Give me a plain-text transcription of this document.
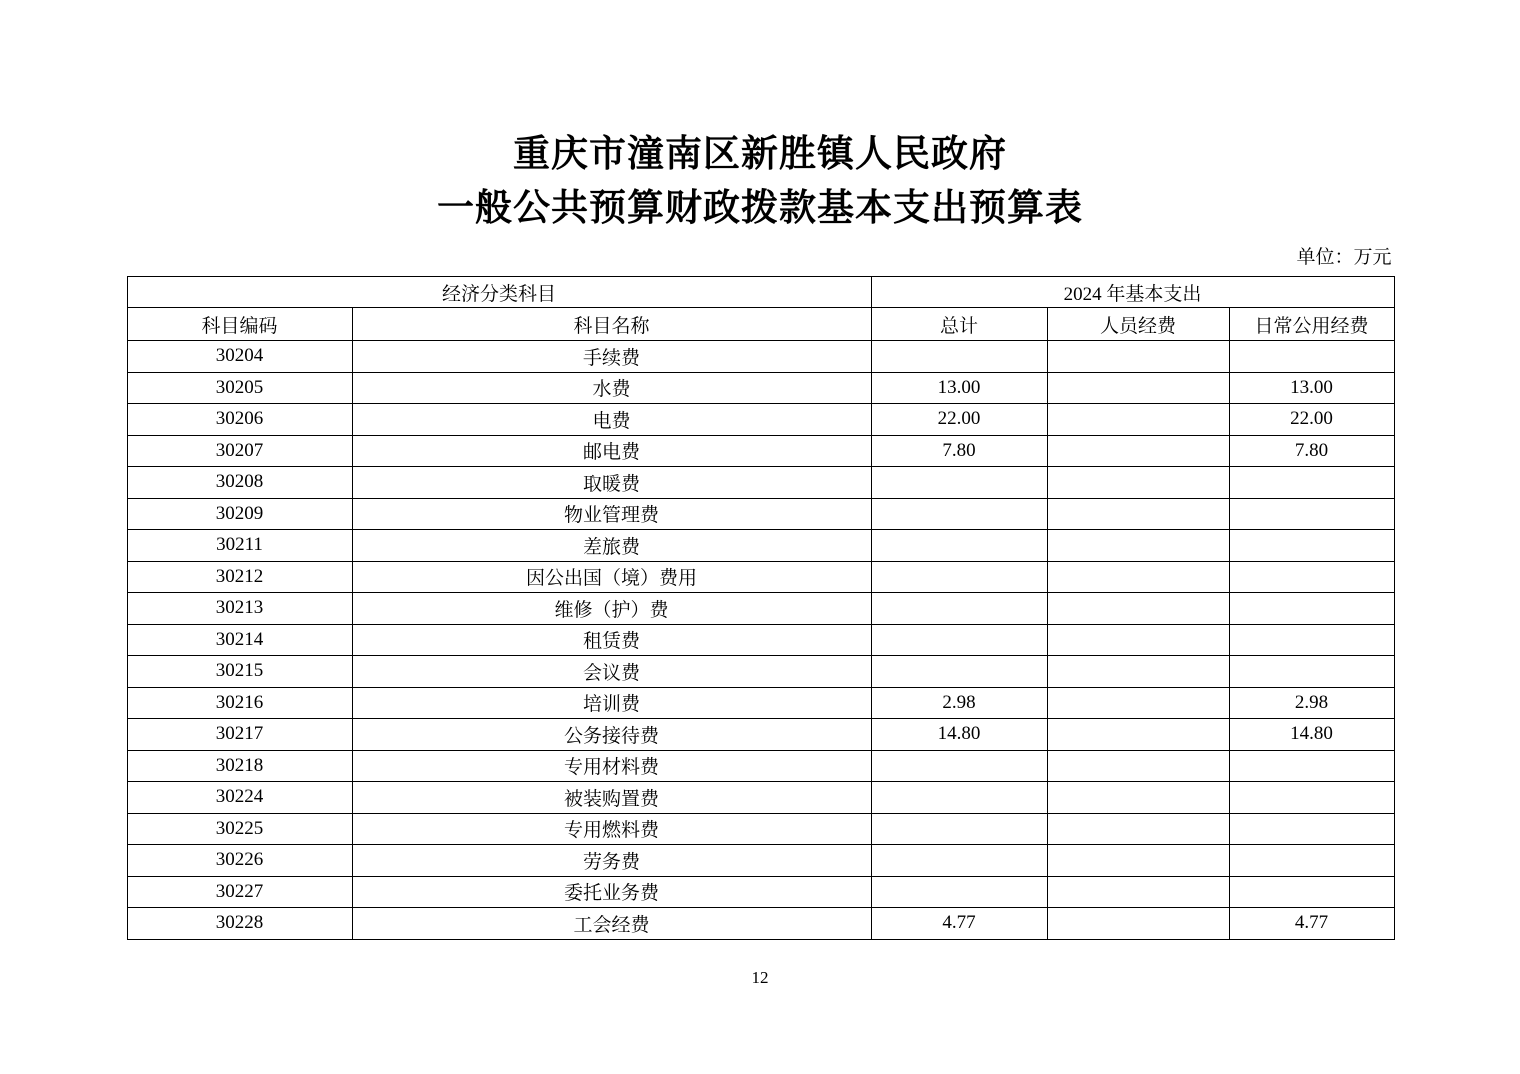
重庆市潼南区新胜镇人民政府
一般公共预算财政拨款基本支出预算表
单位：万元
经济分类科目		2024 年基本支出		
科目编码	科目名称	总计	人员经费	日常公用经费
30204	手续费			
30205	水费	13.00		13.00
30206	电费	22.00		22.00
30207	邮电费	7.80		7.80
30208	取暖费			
30209	物业管理费			
30211	差旅费			
30212	因公出国（境）费用			
30213	维修（护）费			
30214	租赁费			
30215	会议费			
30216	培训费	2.98		2.98
30217	公务接待费	14.80		14.80
30218	专用材料费			
30224	被装购置费			
30225	专用燃料费			
30226	劳务费			
30227	委托业务费			
30228	工会经费	4.77		4.77
12
